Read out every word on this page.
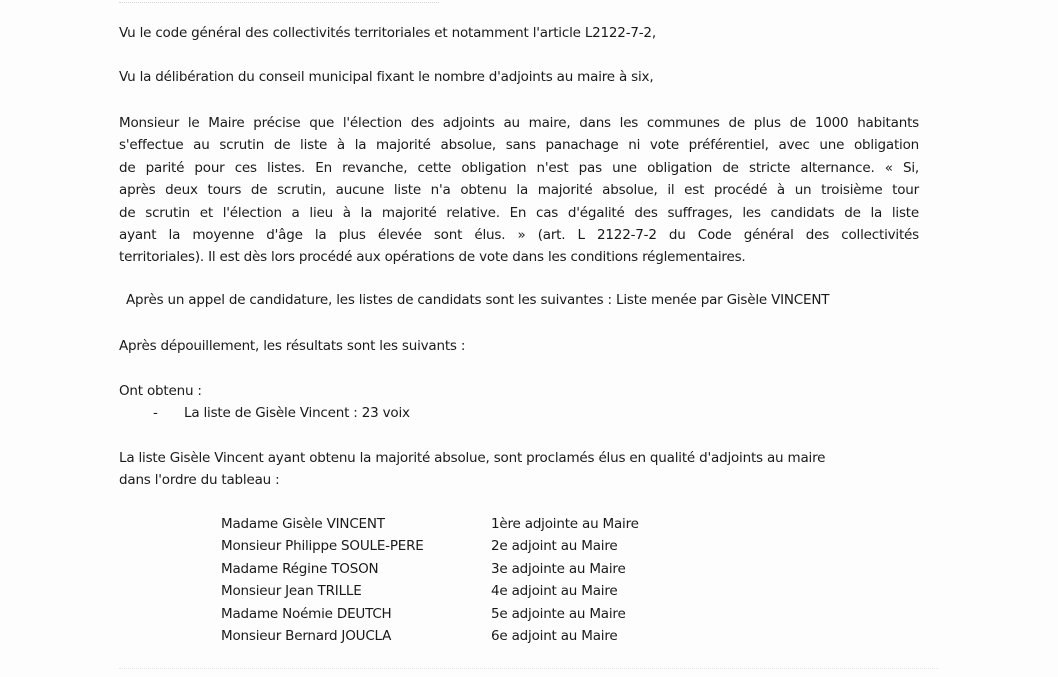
Vu le code général des collectivités territoriales et notamment l'article L2122-7-2,
Vu la délibération du conseil municipal fixant le nombre d'adjoints au maire à six,
Monsieur le Maire précise que l'élection des adjoints au maire, dans les communes de plus de 1000 habitants
s'effectue au scrutin de liste à la majorité absolue, sans panachage ni vote préférentiel, avec une obligation
de parité pour ces listes. En revanche, cette obligation n'est pas une obligation de stricte alternance. « Si,
après deux tours de scrutin, aucune liste n'a obtenu la majorité absolue, il est procédé à un troisième tour
de scrutin et l'élection a lieu à la majorité relative. En cas d'égalité des suffrages, les candidats de la liste
ayant la moyenne d'âge la plus élevée sont élus. » (art. L 2122-7-2 du Code général des collectivités
territoriales). Il est dès lors procédé aux opérations de vote dans les conditions réglementaires.
Après un appel de candidature, les listes de candidats sont les suivantes : Liste menée par Gisèle VINCENT
Après dépouillement, les résultats sont les suivants :
Ont obtenu :
- La liste de Gisèle Vincent : 23 voix
La liste Gisèle Vincent ayant obtenu la majorité absolue, sont proclamés élus en qualité d'adjoints au maire
dans l'ordre du tableau :
Madame Gisèle VINCENT	1ère adjointe au Maire
Monsieur Philippe SOULE-PERE	2e adjoint au Maire
Madame Régine TOSON	3e adjointe au Maire
Monsieur Jean TRILLE	4e adjoint au Maire
Madame Noémie DEUTCH	5e adjointe au Maire
Monsieur Bernard JOUCLA	6e adjoint au Maire
